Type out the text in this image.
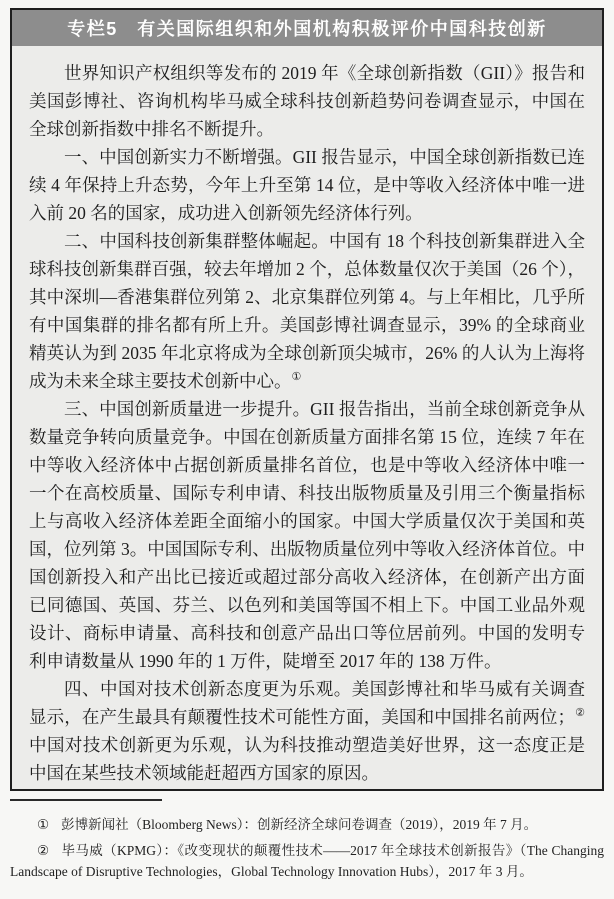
专栏5　有关国际组织和外国机构积极评价中国科技创新

世界知识产权组织等发布的 2019 年《全球创新指数（GII）》报告和美国彭博社、咨询机构毕马威全球科技创新趋势问卷调查显示，中国在全球创新指数中排名不断提升。

一、中国创新实力不断增强。GII 报告显示，中国全球创新指数已连续 4 年保持上升态势，今年上升至第 14 位，是中等收入经济体中唯一进入前 20 名的国家，成功进入创新领先经济体行列。

二、中国科技创新集群整体崛起。中国有 18 个科技创新集群进入全球科技创新集群百强，较去年增加 2 个，总体数量仅次于美国（26 个），其中深圳—香港集群位列第 2、北京集群位列第 4。与上年相比，几乎所有中国集群的排名都有所上升。美国彭博社调查显示，39% 的全球商业精英认为到 2035 年北京将成为全球创新顶尖城市，26% 的人认为上海将成为未来全球主要技术创新中心。①

三、中国创新质量进一步提升。GII 报告指出，当前全球创新竞争从数量竞争转向质量竞争。中国在创新质量方面排名第 15 位，连续 7 年在中等收入经济体中占据创新质量排名首位，也是中等收入经济体中唯一一个在高校质量、国际专利申请、科技出版物质量及引用三个衡量指标上与高收入经济体差距全面缩小的国家。中国大学质量仅次于美国和英国，位列第 3。中国国际专利、出版物质量位列中等收入经济体首位。中国创新投入和产出比已接近或超过部分高收入经济体，在创新产出方面已同德国、英国、芬兰、以色列和美国等国不相上下。中国工业品外观设计、商标申请量、高科技和创意产品出口等位居前列。中国的发明专利申请数量从 1990 年的 1 万件，陡增至 2017 年的 138 万件。

四、中国对技术创新态度更为乐观。美国彭博社和毕马威有关调查显示，在产生最具有颠覆性技术可能性方面，美国和中国排名前两位；②中国对技术创新更为乐观，认为科技推动塑造美好世界，这一态度正是中国在某些技术领域能赶超西方国家的原因。

① 彭博新闻社（Bloomberg News）：创新经济全球问卷调查（2019），2019 年 7 月。

② 毕马威（KPMG）：《改变现状的颠覆性技术——2017 年全球技术创新报告》（The Changing Landscape of Disruptive Technologies，Global Technology Innovation Hubs），2017 年 3 月。
